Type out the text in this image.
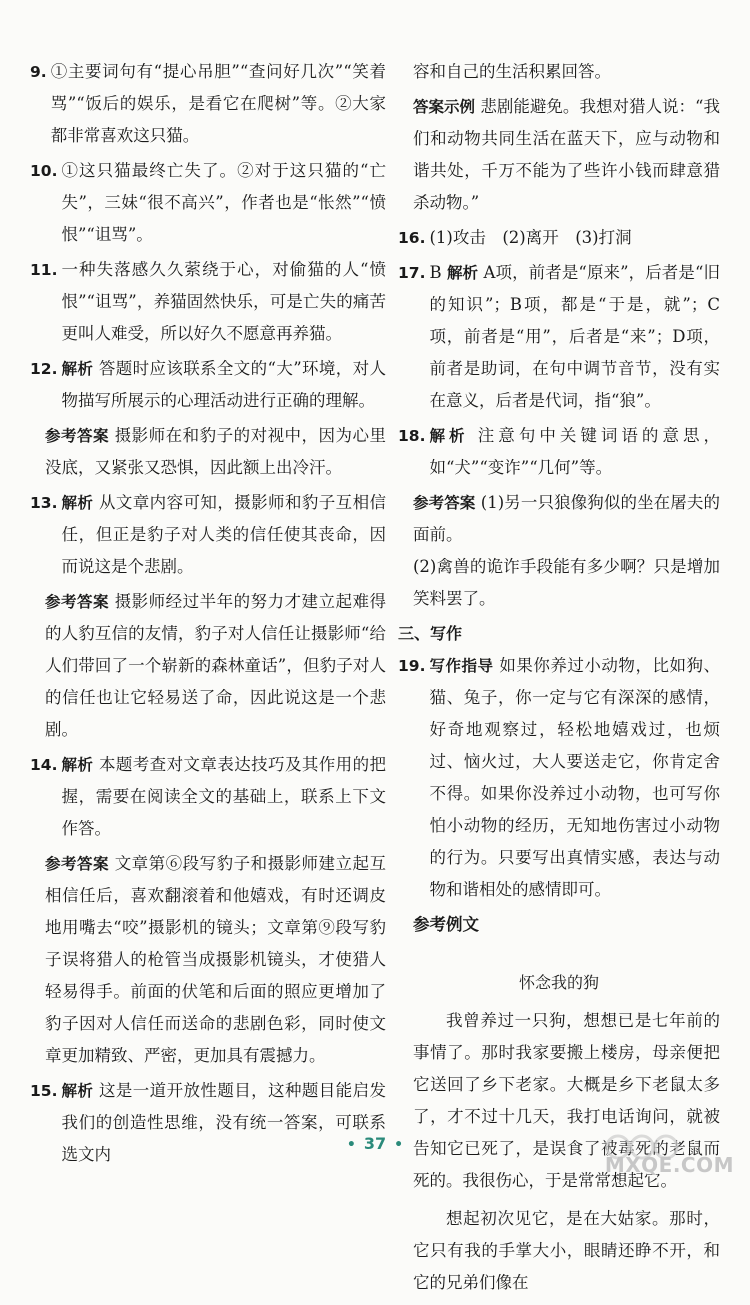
9. ①主要词句有“提心吊胆”“查问好几次”“笑着骂”“饭后的娱乐，是看它在爬树”等。②大家都非常喜欢这只猫。
10. ①这只猫最终亡失了。②对于这只猫的“亡失”，三妹“很不高兴”，作者也是“怅然”“愤恨”“诅骂”。
11. 一种失落感久久萦绕于心，对偷猫的人“愤恨”“诅骂”，养猫固然快乐，可是亡失的痛苦更叫人难受，所以好久不愿意再养猫。
12. 解析 答题时应该联系全文的“大”环境，对人物描写所展示的心理活动进行正确的理解。
参考答案 摄影师在和豹子的对视中，因为心里没底，又紧张又恐惧，因此额上出冷汗。
13. 解析 从文章内容可知，摄影师和豹子互相信任，但正是豹子对人类的信任使其丧命，因而说这是个悲剧。
参考答案 摄影师经过半年的努力才建立起难得的人豹互信的友情，豹子对人信任让摄影师“给人们带回了一个崭新的森林童话”，但豹子对人的信任也让它轻易送了命，因此说这是一个悲剧。
14. 解析 本题考查对文章表达技巧及其作用的把握，需要在阅读全文的基础上，联系上下文作答。
参考答案 文章第⑥段写豹子和摄影师建立起互相信任后，喜欢翻滚着和他嬉戏，有时还调皮地用嘴去“咬”摄影机的镜头；文章第⑨段写豹子误将猎人的枪管当成摄影机镜头，才使猎人轻易得手。前面的伏笔和后面的照应更增加了豹子因对人信任而送命的悲剧色彩，同时使文章更加精致、严密，更加具有震撼力。
15. 解析 这是一道开放性题目，这种题目能启发我们的创造性思维，没有统一答案，可联系选文内
容和自己的生活积累回答。
答案示例 悲剧能避免。我想对猎人说：“我们和动物共同生活在蓝天下，应与动物和谐共处，千万不能为了些许小钱而肆意猎杀动物。”
16. (1)攻击　(2)离开　(3)打洞
17. B 解析 A项，前者是“原来”，后者是“旧的知识”；B项，都是“于是，就”；C项，前者是“用”，后者是“来”；D项，前者是助词，在句中调节音节，没有实在意义，后者是代词，指“狼”。
18. 解析 注意句中关键词语的意思，如“犬”“变诈”“几何”等。
参考答案 (1)另一只狼像狗似的坐在屠夫的面前。
(2)禽兽的诡诈手段能有多少啊？只是增加笑料罢了。
三、写作
19. 写作指导 如果你养过小动物，比如狗、猫、兔子，你一定与它有深深的感情，好奇地观察过，轻松地嬉戏过，也烦过、恼火过，大人要送走它，你肯定舍不得。如果你没养过小动物，也可写你怕小动物的经历，无知地伤害过小动物的行为。只要写出真情实感，表达与动物和谐相处的感情即可。
参考例文
怀念我的狗

我曾养过一只狗，想想已是七年前的事情了。那时我家要搬上楼房，母亲便把它送回了乡下老家。大概是乡下老鼠太多了，才不过十几天，我打电话询问，就被告知它已死了，是误食了被毒死的老鼠而死的。我很伤心，于是常常想起它。

想起初次见它，是在大姑家。那时，它只有我的手掌大小，眼睛还睁不开，和它的兄弟们像在

• 37 •
MXQE.COM
